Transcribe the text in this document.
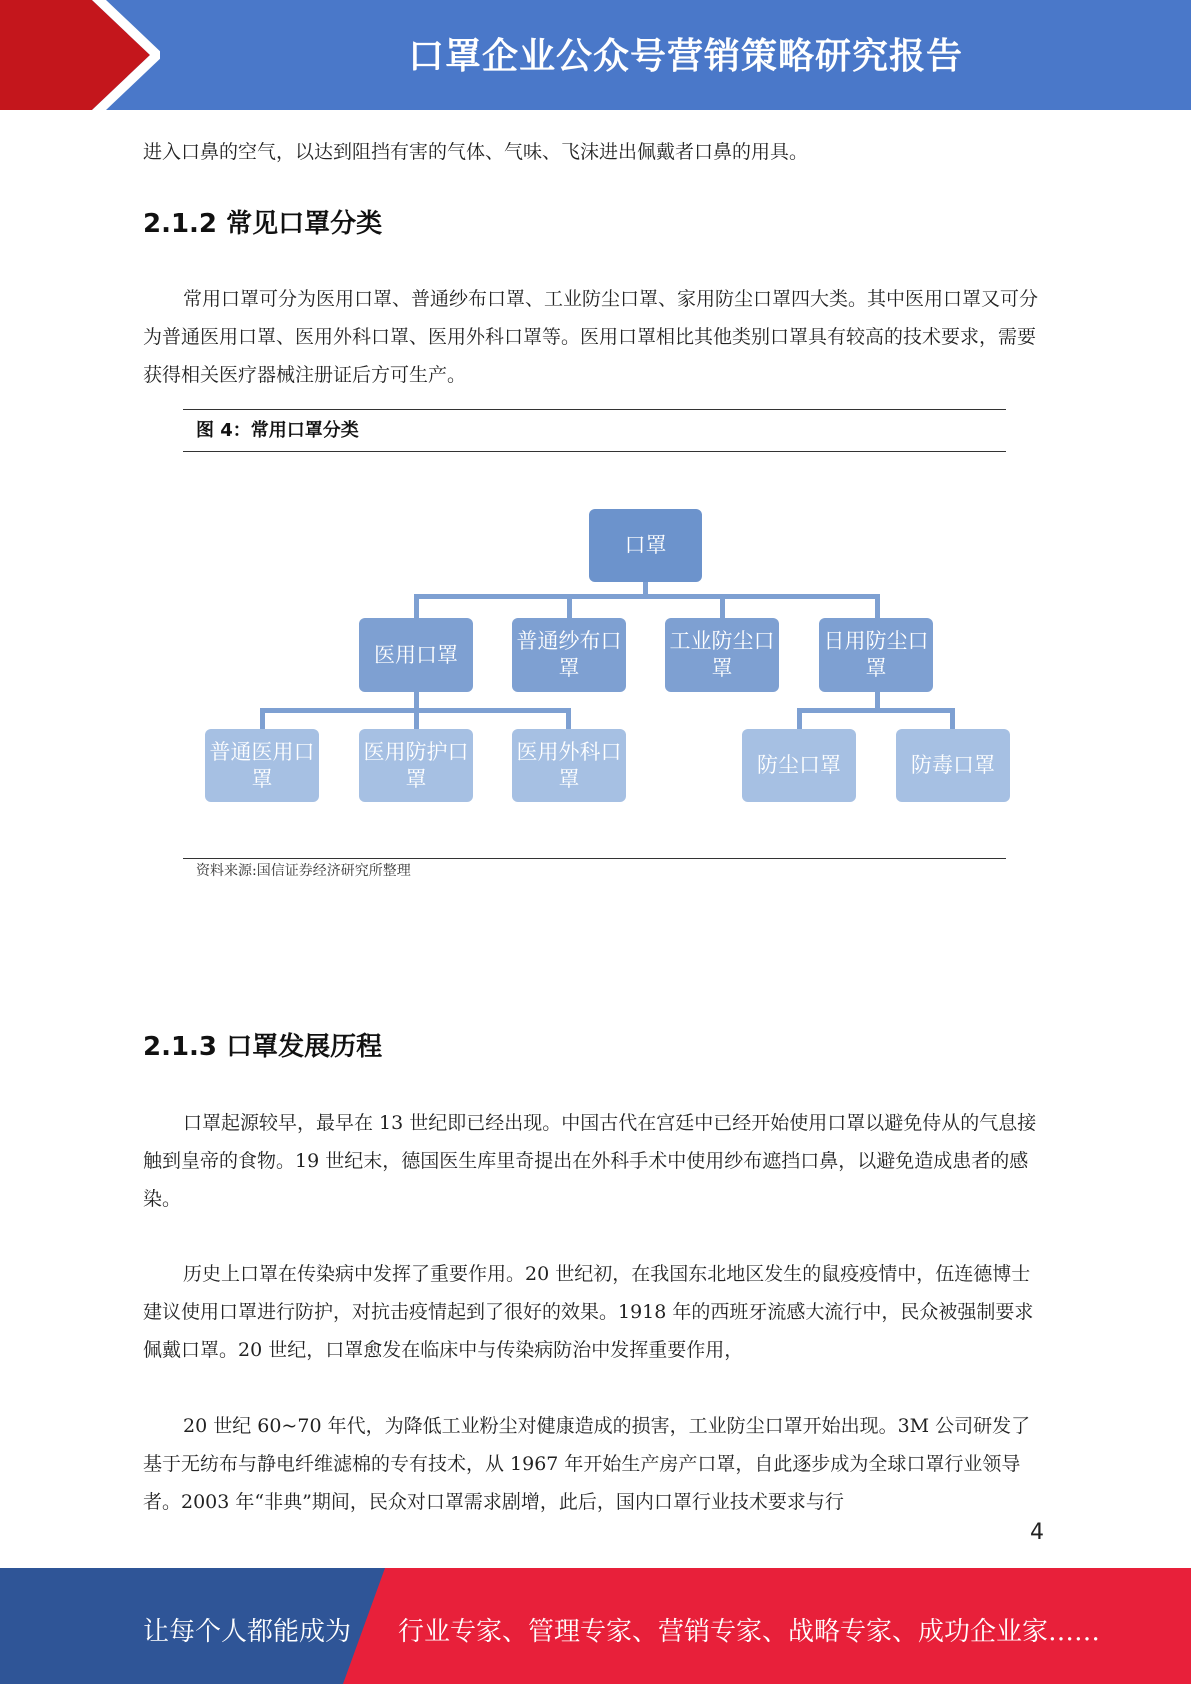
口罩企业公众号营销策略研究报告

进入口鼻的空气，以达到阻挡有害的气体、气味、飞沫进出佩戴者口鼻的用具。

2.1.2 常见口罩分类

常用口罩可分为医用口罩、普通纱布口罩、工业防尘口罩、家用防尘口罩四大类。其中医用口罩又可分为普通医用口罩、医用外科口罩、医用外科口罩等。医用口罩相比其他类别口罩具有较高的技术要求，需要获得相关医疗器械注册证后方可生产。

图 4：常用口罩分类
口罩
医用口罩
普通纱布口罩
工业防尘口罩
日用防尘口罩
普通医用口罩
医用防护口罩
医用外科口罩
防尘口罩	防毒口罩
资料来源:国信证券经济研究所整理
2.1.3 口罩发展历程

口罩起源较早，最早在 13 世纪即已经出现。中国古代在宫廷中已经开始使用口罩以避免侍从的气息接触到皇帝的食物。19 世纪末，德国医生库里奇提出在外科手术中使用纱布遮挡口鼻，以避免造成患者的感染。

历史上口罩在传染病中发挥了重要作用。20 世纪初，在我国东北地区发生的鼠疫疫情中，伍连德博士建议使用口罩进行防护，对抗击疫情起到了很好的效果。1918 年的西班牙流感大流行中，民众被强制要求佩戴口罩。20 世纪，口罩愈发在临床中与传染病防治中发挥重要作用，

20 世纪 60~70 年代，为降低工业粉尘对健康造成的损害，工业防尘口罩开始出现。3M 公司研发了基于无纺布与静电纤维滤棉的专有技术，从 1967 年开始生产房产口罩，自此逐步成为全球口罩行业领导者。2003 年“非典”期间，民众对口罩需求剧增，此后，国内口罩行业技术要求与行

4
让每个人都能成为 行业专家、管理专家、营销专家、战略专家、成功企业家……
